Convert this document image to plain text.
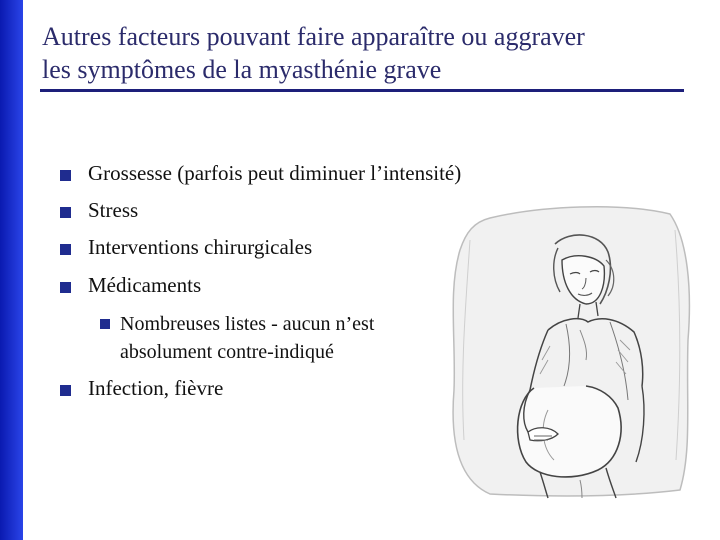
Autres facteurs pouvant faire apparaître ou aggraver
les symptômes de la myasthénie grave
Grossesse (parfois peut diminuer l’intensité)
Stress
Interventions chirurgicales
Médicaments
Nombreuses listes - aucun n’est
absolument contre-indiqué
Infection, fièvre
